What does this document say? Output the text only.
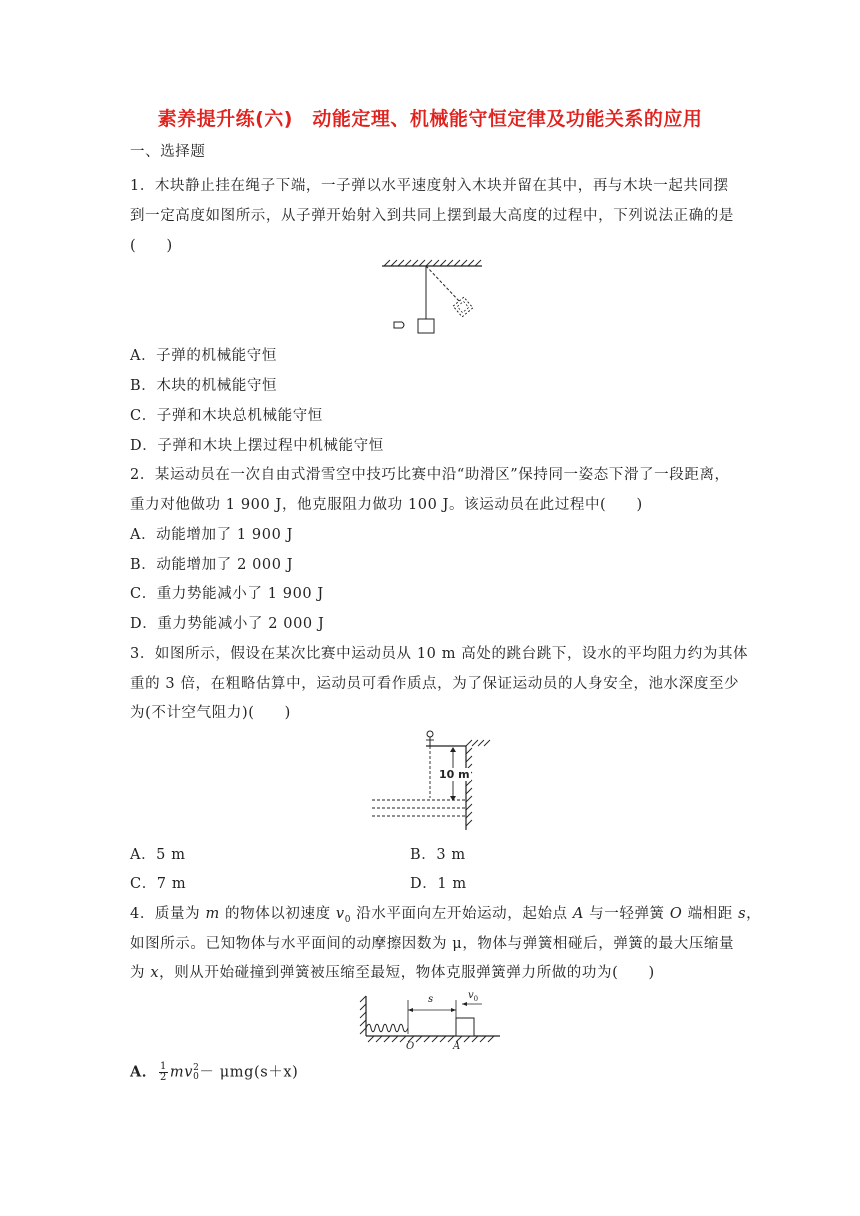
素养提升练(六)　动能定理、机械能守恒定律及功能关系的应用
一、选择题
1．木块静止挂在绳子下端，一子弹以水平速度射入木块并留在其中，再与木块一起共同摆
到一定高度如图所示，从子弹开始射入到共同上摆到最大高度的过程中，下列说法正确的是
(　　)
A．子弹的机械能守恒
B．木块的机械能守恒
C．子弹和木块总机械能守恒
D．子弹和木块上摆过程中机械能守恒
2．某运动员在一次自由式滑雪空中技巧比赛中沿“助滑区”保持同一姿态下滑了一段距离，
重力对他做功 1 900 J，他克服阻力做功 100 J。该运动员在此过程中(　　)
A．动能增加了 1 900 J
B．动能增加了 2 000 J
C．重力势能减小了 1 900 J
D．重力势能减小了 2 000 J
3．如图所示，假设在某次比赛中运动员从 10 m 高处的跳台跳下，设水的平均阻力约为其体
重的 3 倍，在粗略估算中，运动员可看作质点，为了保证运动员的人身安全，池水深度至少
为(不计空气阻力)(　　)
10 m
A．5 m	B．3 m
C．7 m	D．1 m
4．质量为 m 的物体以初速度 $v_0$ 沿水平面向左开始运动，起始点 A 与一轻弹簧 O 端相距 s，
如图所示。已知物体与水平面间的动摩擦因数为 μ，物体与弹簧相碰后，弹簧的最大压缩量
为 x，则从开始碰撞到弹簧被压缩至最短，物体克服弹簧弹力所做的功为(　　)
s	$v_0$
O	A
A． $\frac{1}{2}$ mv 2
0 － μmg(s＋x)
